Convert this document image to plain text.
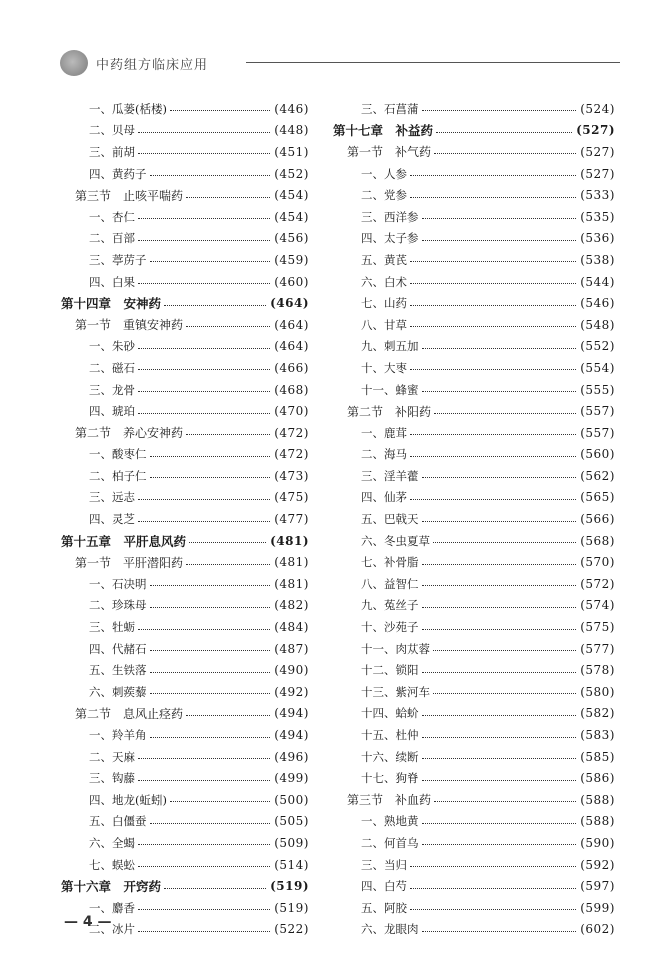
中药组方临床应用
一、瓜蒌(栝楼)	(446)
二、贝母	(448)
三、前胡	(451)
四、黄药子	(452)
第三节　止咳平喘药	(454)
一、杏仁	(454)
二、百部	(456)
三、葶苈子	(459)
四、白果	(460)
第十四章　安神药	(464)
第一节　重镇安神药	(464)
一、朱砂	(464)
二、磁石	(466)
三、龙骨	(468)
四、琥珀	(470)
第二节　养心安神药	(472)
一、酸枣仁	(472)
二、柏子仁	(473)
三、远志	(475)
四、灵芝	(477)
第十五章　平肝息风药	(481)
第一节　平肝潜阳药	(481)
一、石决明	(481)
二、珍珠母	(482)
三、牡蛎	(484)
四、代赭石	(487)
五、生铁落	(490)
六、刺蒺藜	(492)
第二节　息风止痉药	(494)
一、羚羊角	(494)
二、天麻	(496)
三、钩藤	(499)
四、地龙(蚯蚓)	(500)
五、白僵蚕	(505)
六、全蝎	(509)
七、蜈蚣	(514)
第十六章　开窍药	(519)
一、麝香	(519)
二、冰片	(522)
三、石菖蒲	(524)
第十七章　补益药	(527)
第一节　补气药	(527)
一、人参	(527)
二、党参	(533)
三、西洋参	(535)
四、太子参	(536)
五、黄芪	(538)
六、白术	(544)
七、山药	(546)
八、甘草	(548)
九、刺五加	(552)
十、大枣	(554)
十一、蜂蜜	(555)
第二节　补阳药	(557)
一、鹿茸	(557)
二、海马	(560)
三、淫羊藿	(562)
四、仙茅	(565)
五、巴戟天	(566)
六、冬虫夏草	(568)
七、补骨脂	(570)
八、益智仁	(572)
九、菟丝子	(574)
十、沙苑子	(575)
十一、肉苁蓉	(577)
十二、锁阳	(578)
十三、紫河车	(580)
十四、蛤蚧	(582)
十五、杜仲	(583)
十六、续断	(585)
十七、狗脊	(586)
第三节　补血药	(588)
一、熟地黄	(588)
二、何首乌	(590)
三、当归	(592)
四、白芍	(597)
五、阿胶	(599)
六、龙眼肉	(602)
— 4 —
